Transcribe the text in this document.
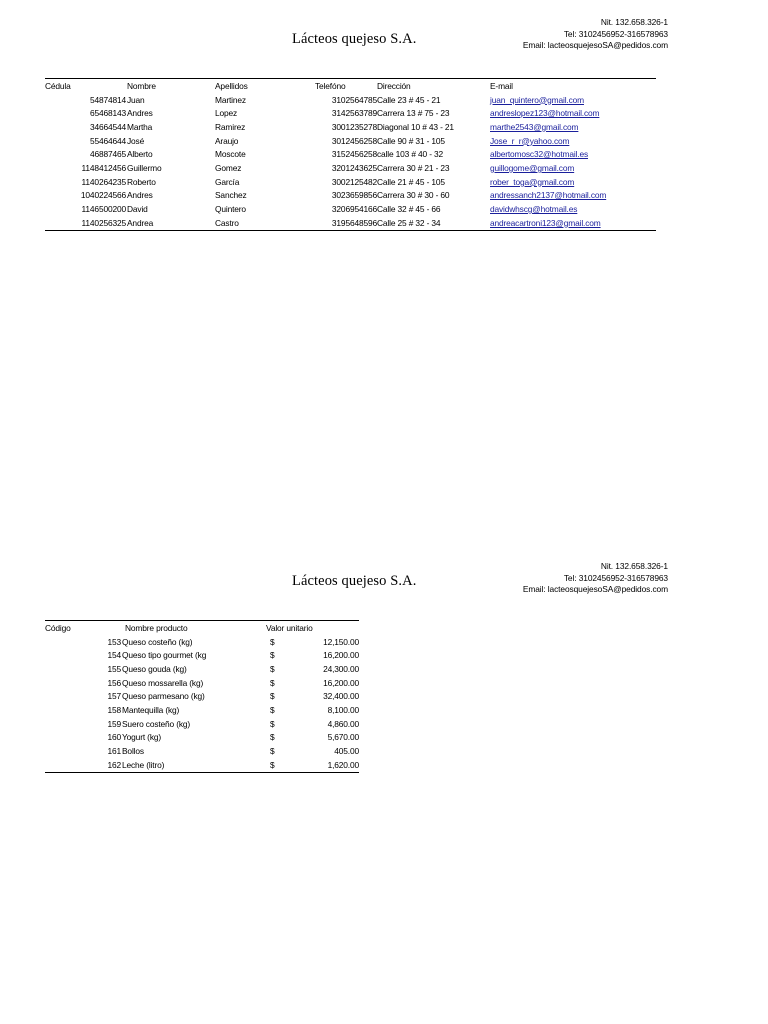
Lácteos quejeso S.A.
Nit. 132.658.326-1
Tel: 3102456952-316578963
Email: lacteosquejesoSA@pedidos.com
Cédula	Nombre	Apellidos	Telefóno	Dirección	E-mail
54874814	Juan	Martinez	3102564785	Calle 23 # 45 - 21	juan_quintero@gmail.com
65468143	Andres	Lopez	3142563789	Carrera 13 # 75 - 23	andreslopez123@hotmail.com
34664544	Martha	Ramirez	3001235278	Diagonal 10 # 43 - 21	marthe2543@gmail.com
55464644	José	Araujo	3012456258	Calle 90 # 31 - 105	Jose_r_r@yahoo.com
46887465	Alberto	Moscote	3152456258	calle 103 # 40 - 32	albertomosc32@hotmail.es
1148412456	Guillermo	Gomez	3201243625	Carrera 30 # 21 - 23	guillogome@gmail.com
1140264235	Roberto	García	3002125482	Calle 21 # 45 - 105	rober_toga@gmail.com
1040224566	Andres	Sanchez	3023659856	Carrera 30 # 30 - 60	andressanch2137@hotmail.com
1146500200	David	Quintero	3206954166	Calle 32 # 45 - 66	davidwhscg@hotmail.es
1140256325	Andrea	Castro	3195648596	Calle 25 # 32 - 34	andreacartroni123@gmail.com
Lácteos quejeso S.A.
Nit. 132.658.326-1
Tel: 3102456952-316578963
Email: lacteosquejesoSA@pedidos.com
Código	Nombre producto	Valor unitario	
153	Queso costeño (kg)	$	12,150.00
154	Queso tipo gourmet (kg	$	16,200.00
155	Queso gouda (kg)	$	24,300.00
156	Queso mossarella (kg)	$	16,200.00
157	Queso parmesano (kg)	$	32,400.00
158	Mantequilla (kg)	$	8,100.00
159	Suero costeño (kg)	$	4,860.00
160	Yogurt (kg)	$	5,670.00
161	Bollos	$	405.00
162	Leche (litro)	$	1,620.00
